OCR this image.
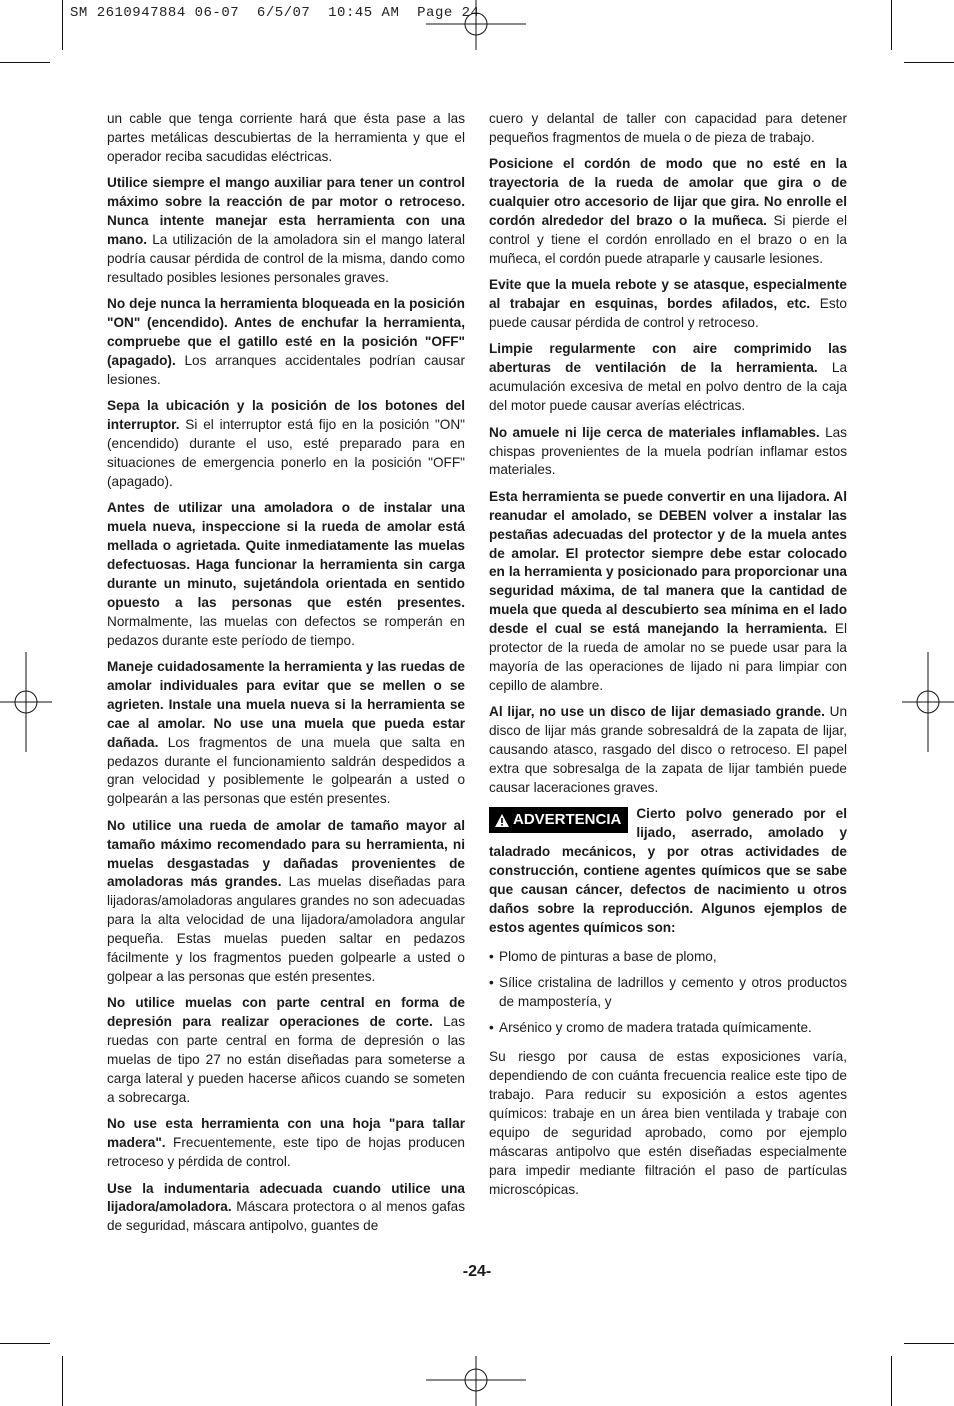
SM 2610947884 06-07  6/5/07  10:45 AM  Page 24

un cable que tenga corriente hará que ésta pase a las partes metálicas descubiertas de la herramienta y que el operador reciba sacudidas eléctricas.

Utilice siempre el mango auxiliar para tener un control máximo sobre la reacción de par motor o retroceso. Nunca intente manejar esta herramienta con una mano. La utilización de la amoladora sin el mango lateral podría causar pérdida de control de la misma, dando como resultado posibles lesiones personales graves.

No deje nunca la herramienta bloqueada en la posición "ON" (encendido). Antes de enchufar la herramienta, compruebe que el gatillo esté en la posición "OFF" (apagado). Los arranques accidentales podrían causar lesiones.

Sepa la ubicación y la posición de los botones del interruptor. Si el interruptor está fijo en la posición "ON" (encendido) durante el uso, esté preparado para en situaciones de emergencia ponerlo en la posición "OFF" (apagado).

Antes de utilizar una amoladora o de instalar una muela nueva, inspeccione si la rueda de amolar está mellada o agrietada. Quite inmediatamente las muelas defectuosas. Haga funcionar la herramienta sin carga durante un minuto, sujetándola orientada en sentido opuesto a las personas que estén presentes. Normalmente, las muelas con defectos se romperán en pedazos durante este período de tiempo.

Maneje cuidadosamente la herramienta y las ruedas de amolar individuales para evitar que se mellen o se agrieten. Instale una muela nueva si la herramienta se cae al amolar. No use una muela que pueda estar dañada. Los fragmentos de una muela que salta en pedazos durante el funcionamiento saldrán despedidos a gran velocidad y posiblemente le golpearán a usted o golpearán a las personas que estén presentes.

No utilice una rueda de amolar de tamaño mayor al tamaño máximo recomendado para su herramienta, ni muelas desgastadas y dañadas provenientes de amoladoras más grandes. Las muelas diseñadas para lijadoras/amoladoras angulares grandes no son adecuadas para la alta velocidad de una lijadora/amoladora angular pequeña. Estas muelas pueden saltar en pedazos fácilmente y los fragmentos pueden golpearle a usted o golpear a las personas que estén presentes.

No utilice muelas con parte central en forma de depresión para realizar operaciones de corte. Las ruedas con parte central en forma de depresión o las muelas de tipo 27 no están diseñadas para someterse a carga lateral y pueden hacerse añicos cuando se someten a sobrecarga.

No use esta herramienta con una hoja "para tallar madera". Frecuentemente, este tipo de hojas producen retroceso y pérdida de control.

Use la indumentaria adecuada cuando utilice una lijadora/amoladora. Máscara protectora o al menos gafas de seguridad, máscara antipolvo, guantes de

cuero y delantal de taller con capacidad para detener pequeños fragmentos de muela o de pieza de trabajo.

Posicione el cordón de modo que no esté en la trayectoria de la rueda de amolar que gira o de cualquier otro accesorio de lijar que gira. No enrolle el cordón alrededor del brazo o la muñeca. Si pierde el control y tiene el cordón enrollado en el brazo o en la muñeca, el cordón puede atraparle y causarle lesiones.

Evite que la muela rebote y se atasque, especialmente al trabajar en esquinas, bordes afilados, etc. Esto puede causar pérdida de control y retroceso.

Limpie regularmente con aire comprimido las aberturas de ventilación de la herramienta. La acumulación excesiva de metal en polvo dentro de la caja del motor puede causar averías eléctricas.

No amuele ni lije cerca de materiales inflamables. Las chispas provenientes de la muela podrían inflamar estos materiales.

Esta herramienta se puede convertir en una lijadora. Al reanudar el amolado, se DEBEN volver a instalar las pestañas adecuadas del protector y de la muela antes de amolar. El protector siempre debe estar colocado en la herramienta y posicionado para proporcionar una seguridad máxima, de tal manera que la cantidad de muela que queda al descubierto sea mínima en el lado desde el cual se está manejando la herramienta. El protector de la rueda de amolar no se puede usar para la mayoría de las operaciones de lijado ni para limpiar con cepillo de alambre.

Al lijar, no use un disco de lijar demasiado grande. Un disco de lijar más grande sobresaldrá de la zapata de lijar, causando atasco, rasgado del disco o retroceso. El papel extra que sobresalga de la zapata de lijar también puede causar laceraciones graves.

ADVERTENCIA Cierto polvo generado por el lijado, aserrado, amolado y taladrado mecánicos, y por otras actividades de construcción, contiene agentes químicos que se sabe que causan cáncer, defectos de nacimiento u otros daños sobre la reproducción. Algunos ejemplos de estos agentes químicos son:

• Plomo de pinturas a base de plomo,
• Sílice cristalina de ladrillos y cemento y otros productos de mampostería, y
• Arsénico y cromo de madera tratada químicamente.

Su riesgo por causa de estas exposiciones varía, dependiendo de con cuánta frecuencia realice este tipo de trabajo. Para reducir su exposición a estos agentes químicos: trabaje en un área bien ventilada y trabaje con equipo de seguridad aprobado, como por ejemplo máscaras antipolvo que estén diseñadas especialmente para impedir mediante filtración el paso de partículas microscópicas.

-24-
